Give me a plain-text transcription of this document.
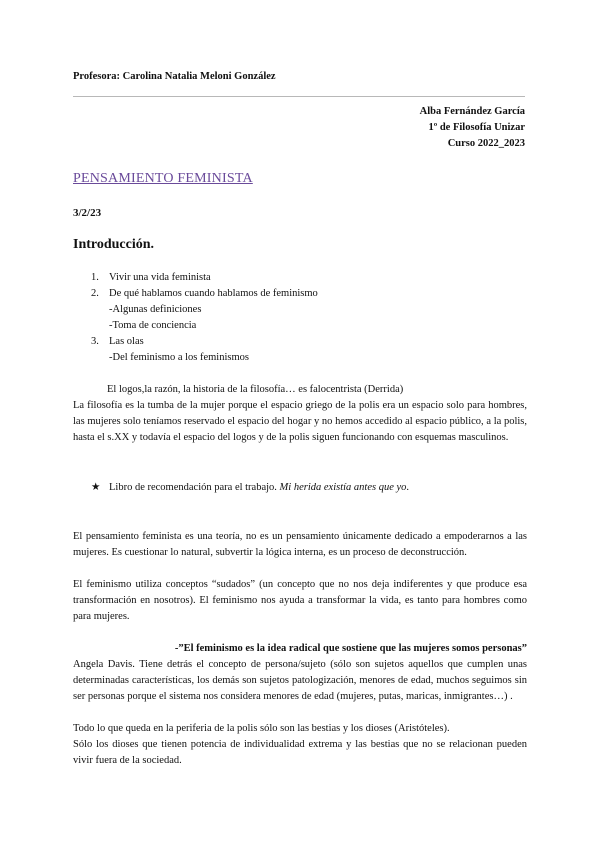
Profesora: Carolina Natalia Meloni González
Alba Fernández García
1º de Filosofía Unizar
Curso 2022_2023
PENSAMIENTO FEMINISTA
3/2/23
Introducción.
1. Vivir una vida feminista
2. De qué hablamos cuando hablamos de feminismo
-Algunas definiciones
-Toma de conciencia
3. Las olas
-Del feminismo a los feminismos

El logos,la razón, la historia de la filosofía… es falocentrista (Derrida)

La filosofía es la tumba de la mujer porque el espacio griego de la polis era un espacio solo para hombres, las mujeres solo teníamos reservado el espacio del hogar y no hemos accedido al espacio público, a la polis, hasta el s.XX y todavía el espacio del logos y de la polis siguen funcionando con esquemas masculinos.

★ Libro de recomendación para el trabajo. Mi herida existía antes que yo.

El pensamiento feminista es una teoría, no es un pensamiento únicamente dedicado a empoderarnos a las mujeres. Es cuestionar lo natural, subvertir la lógica interna, es un proceso de deconstrucción.

El feminismo utiliza conceptos “sudados” (un concepto que no nos deja indiferentes y que produce esa transformación en nosotros). El feminismo nos ayuda a transformar la vida, es tanto para hombres como para mujeres.

-”El feminismo es la idea radical que sostiene que las mujeres somos personas”

Angela Davis. Tiene detrás el concepto de persona/sujeto (sólo son sujetos aquellos que cumplen unas determinadas características, los demás son sujetos patologización, menores de edad, muchos seguimos sin ser personas porque el sistema nos considera menores de edad (mujeres, putas, maricas, inmigrantes…) .

Todo lo que queda en la periferia de la polis sólo son las bestias y los dioses (Aristóteles).

Sólo los dioses que tienen potencia de individualidad extrema y las bestias que no se relacionan pueden vivir fuera de la sociedad.
